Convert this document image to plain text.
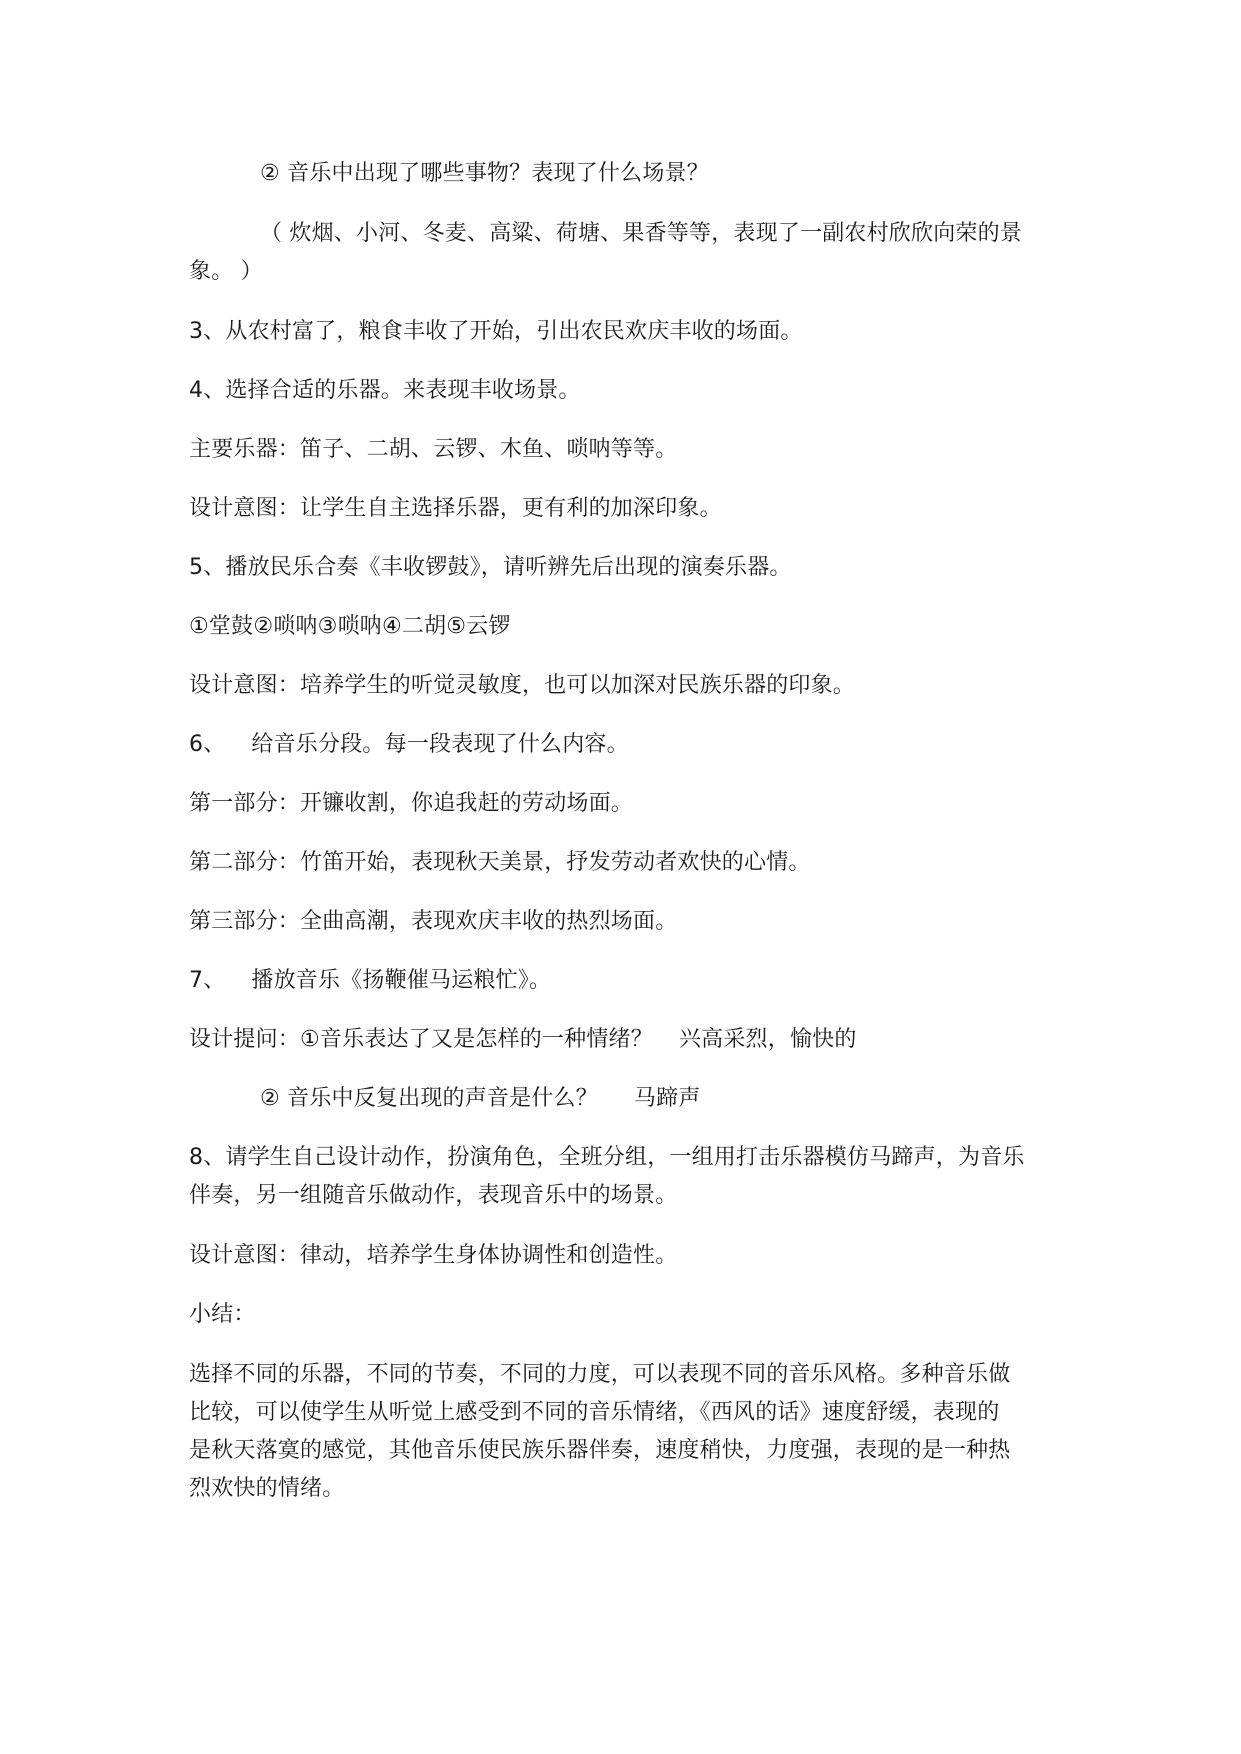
② 音乐中出现了哪些事物？表现了什么场景？
（ 炊烟、小河、冬麦、高粱、荷塘、果香等等，表现了一副农村欣欣向荣的景
象。 ）
3、从农村富了，粮食丰收了开始，引出农民欢庆丰收的场面。
4、选择合适的乐器。来表现丰收场景。
主要乐器：笛子、二胡、云锣、木鱼、唢呐等等。
设计意图：让学生自主选择乐器，更有利的加深印象。
5、播放民乐合奏《丰收锣鼓》，请听辨先后出现的演奏乐器。
①堂鼓②唢呐③唢呐④二胡⑤云锣
设计意图：培养学生的听觉灵敏度，也可以加深对民族乐器的印象。
6、 给音乐分段。每一段表现了什么内容。
第一部分：开镰收割，你追我赶的劳动场面。
第二部分：竹笛开始，表现秋天美景，抒发劳动者欢快的心情。
第三部分：全曲高潮，表现欢庆丰收的热烈场面。
7、 播放音乐《扬鞭催马运粮忙》。
设计提问：①音乐表达了又是怎样的一种情绪？ 兴高采烈，愉快的
② 音乐中反复出现的声音是什么？ 马蹄声
8、请学生自己设计动作，扮演角色，全班分组，一组用打击乐器模仿马蹄声，为音乐
伴奏，另一组随音乐做动作，表现音乐中的场景。
设计意图：律动，培养学生身体协调性和创造性。
小结：
选择不同的乐器，不同的节奏，不同的力度，可以表现不同的音乐风格。多种音乐做
比较，可以使学生从听觉上感受到不同的音乐情绪，《西风的话》速度舒缓，表现的
是秋天落寞的感觉，其他音乐使民族乐器伴奏，速度稍快，力度强，表现的是一种热
烈欢快的情绪。
